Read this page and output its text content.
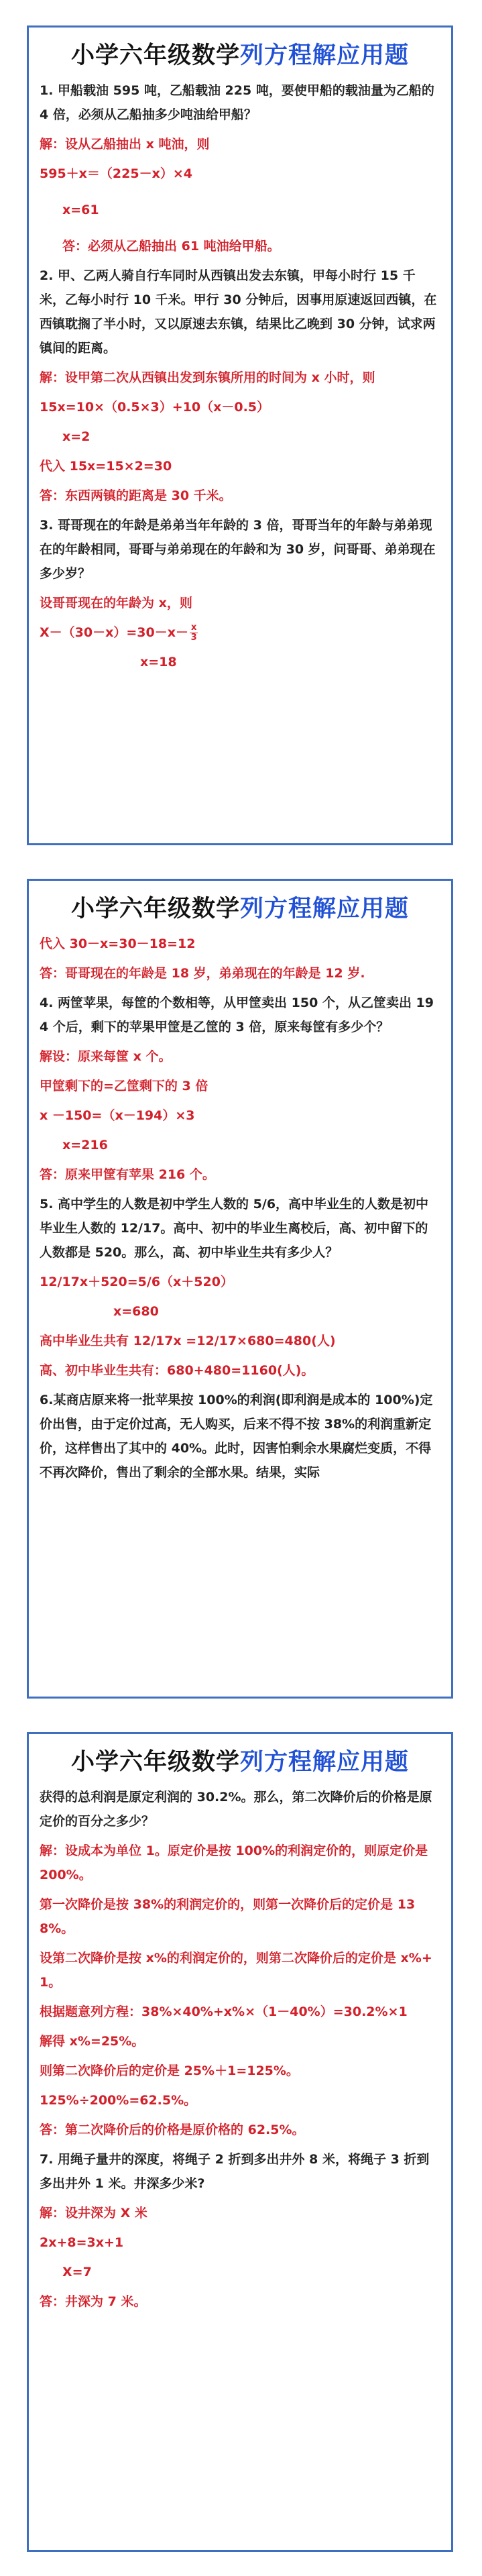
小学六年级数学列方程解应用题

1. 甲船载油 595 吨，乙船载油 225 吨，要使甲船的载油量为乙船的 4 倍，必须从乙船抽多少吨油给甲船？

解：设从乙船抽出 x 吨油，则

595＋x＝（225－x）×4

x=61

答：必须从乙船抽出 61 吨油给甲船。

2. 甲、乙两人骑自行车同时从西镇出发去东镇，甲每小时行 15 千米，乙每小时行 10 千米。甲行 30 分钟后，因事用原速返回西镇，在西镇耽搁了半小时，又以原速去东镇，结果比乙晚到 30 分钟，试求两镇间的距离。

解：设甲第二次从西镇出发到东镇所用的时间为 x 小时，则

15x=10×（0.5×3）+10（x－0.5）

x=2

代入 15x=15×2=30

答：东西两镇的距离是 30 千米。

3. 哥哥现在的年龄是弟弟当年年龄的 3 倍，哥哥当年的年龄与弟弟现在的年龄相同，哥哥与弟弟现在的年龄和为 30 岁，问哥哥、弟弟现在多少岁？

设哥哥现在的年龄为 x，则

$X-(30-x)=30-x- \frac{x}{3}$

x=18

小学六年级数学列方程解应用题

代入 30－x=30－18=12

答：哥哥现在的年龄是 18 岁，弟弟现在的年龄是 12 岁.

4. 两筐苹果，每筐的个数相等，从甲筐卖出 150 个，从乙筐卖出 194 个后，剩下的苹果甲筐是乙筐的 3 倍，原来每筐有多少个？

解设：原来每筐 x 个。

甲筐剩下的=乙筐剩下的 3 倍

x －150=（x－194）×3

x=216

答：原来甲筐有苹果 216 个。

5. 高中学生的人数是初中学生人数的 5/6，高中毕业生的人数是初中毕业生人数的 12/17。高中、初中的毕业生离校后，高、初中留下的人数都是 520。那么，高、初中毕业生共有多少人？

12/17x＋520=5/6（x＋520）

x=680

高中毕业生共有 12/17x =12/17×680=480(人)

高、初中毕业生共有：680+480=1160(人)。

6.某商店原来将一批苹果按 100%的利润(即利润是成本的 100%)定价出售，由于定价过高，无人购买，后来不得不按 38%的利润重新定价，这样售出了其中的 40%。此时，因害怕剩余水果腐烂变质，不得不再次降价，售出了剩余的全部水果。结果，实际

小学六年级数学列方程解应用题

获得的总利润是原定利润的 30.2%。那么，第二次降价后的价格是原定价的百分之多少？

解：设成本为单位 1。原定价是按 100%的利润定价的，则原定价是 200%。

第一次降价是按 38%的利润定价的，则第一次降价后的定价是 138%。

设第二次降价是按 x%的利润定价的，则第二次降价后的定价是 x%+1。

根据题意列方程：38%×40%+x%×（1－40%）=30.2%×1

解得 x%=25%。

则第二次降价后的定价是 25%＋1=125%。

125%÷200%=62.5%。

答：第二次降价后的价格是原价格的 62.5%。

7. 用绳子量井的深度，将绳子 2 折到多出井外 8 米，将绳子 3 折到多出井外 1 米。井深多少米?

解：设井深为 X 米

2x+8=3x+1

X=7

答：井深为 7 米。
